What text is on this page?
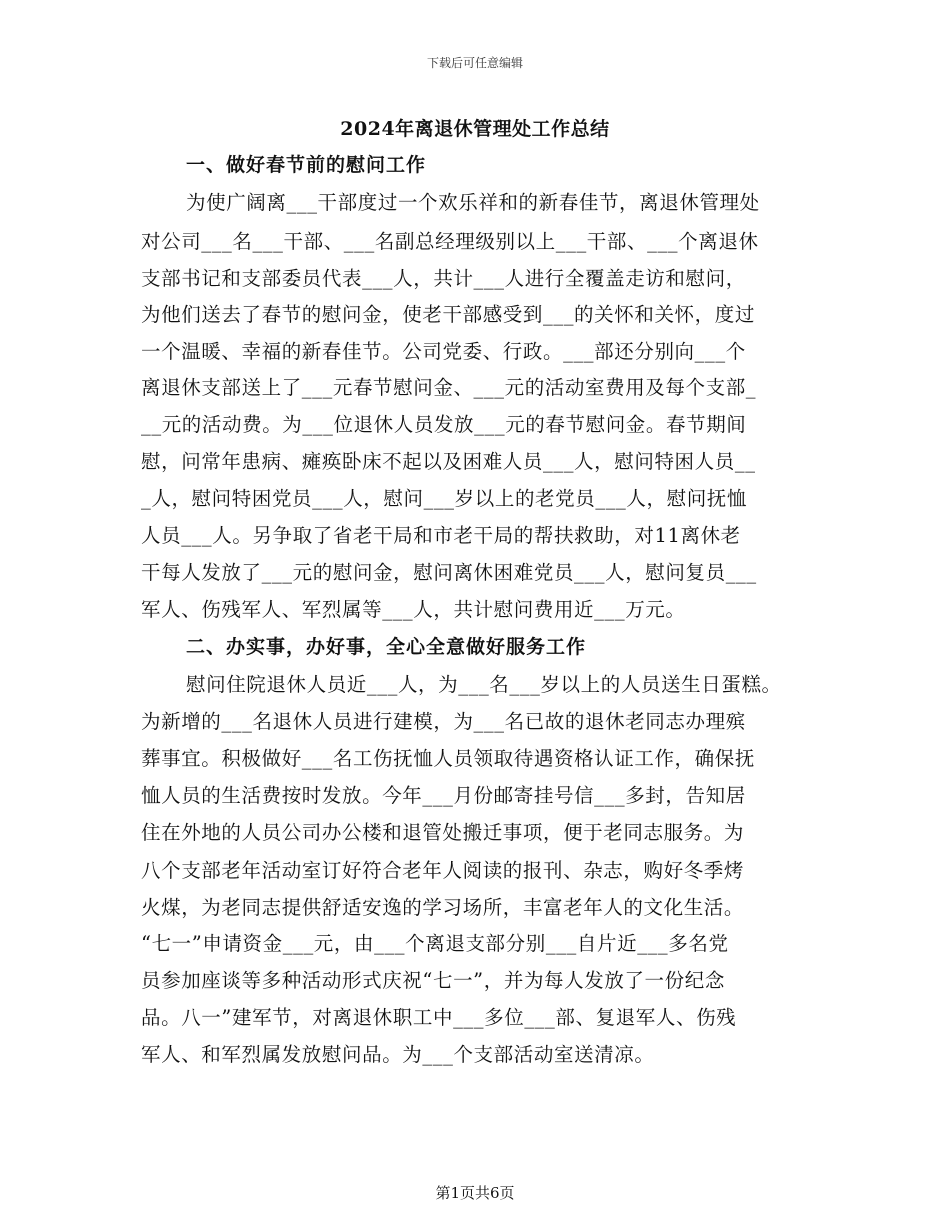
下载后可任意编辑
2024年离退休管理处工作总结
一、做好春节前的慰问工作
为使广阔离___干部度过一个欢乐祥和的新春佳节，离退休管理处
对公司___名___干部、___名副总经理级别以上___干部、___个离退休
支部书记和支部委员代表___人，共计___人进行全覆盖走访和慰问，
为他们送去了春节的慰问金，使老干部感受到___的关怀和关怀，度过
一个温暖、幸福的新春佳节。公司党委、行政。___部还分别向___个
离退休支部送上了___元春节慰问金、___元的活动室费用及每个支部_
__元的活动费。为___位退休人员发放___元的春节慰问金。春节期间
慰，问常年患病、瘫痪卧床不起以及困难人员___人，慰问特困人员__
_人，慰问特困党员___人，慰问___岁以上的老党员___人，慰问抚恤
人员___人。另争取了省老干局和市老干局的帮扶救助，对11离休老
干每人发放了___元的慰问金，慰问离休困难党员___人，慰问复员___
军人、伤残军人、军烈属等___人，共计慰问费用近___万元。
二、办实事，办好事，全心全意做好服务工作
慰问住院退休人员近___人，为___名___岁以上的人员送生日蛋糕。
为新增的___名退休人员进行建模，为___名已故的退休老同志办理殡
葬事宜。积极做好___名工伤抚恤人员领取待遇资格认证工作，确保抚
恤人员的生活费按时发放。今年___月份邮寄挂号信___多封，告知居
住在外地的人员公司办公楼和退管处搬迁事项，便于老同志服务。为
八个支部老年活动室订好符合老年人阅读的报刊、杂志，购好冬季烤
火煤，为老同志提供舒适安逸的学习场所，丰富老年人的文化生活。
“七一”申请资金___元，由___个离退支部分别___自片近___多名党
员参加座谈等多种活动形式庆祝“七一”，并为每人发放了一份纪念
品。八一”建军节，对离退休职工中___多位___部、复退军人、伤残
军人、和军烈属发放慰问品。为___个支部活动室送清凉。
第1页共6页
